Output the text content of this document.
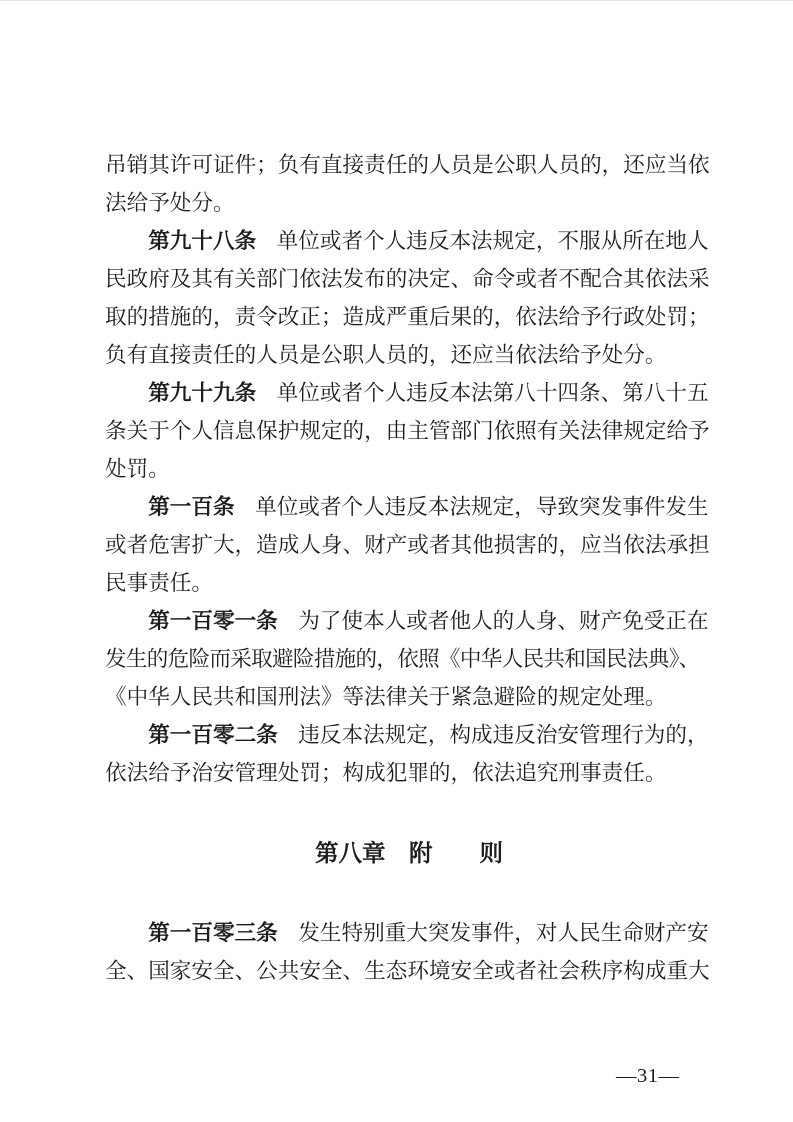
吊销其许可证件；负有直接责任的人员是公职人员的，还应当依
法给予处分。
第九十八条 单位或者个人违反本法规定，不服从所在地人
民政府及其有关部门依法发布的决定、命令或者不配合其依法采
取的措施的，责令改正；造成严重后果的，依法给予行政处罚；
负有直接责任的人员是公职人员的，还应当依法给予处分。
第九十九条 单位或者个人违反本法第八十四条、第八十五
条关于个人信息保护规定的，由主管部门依照有关法律规定给予
处罚。
第一百条 单位或者个人违反本法规定，导致突发事件发生
或者危害扩大，造成人身、财产或者其他损害的，应当依法承担
民事责任。
第一百零一条 为了使本人或者他人的人身、财产免受正在
发生的危险而采取避险措施的，依照《中华人民共和国民法典》、
《中华人民共和国刑法》等法律关于紧急避险的规定处理。
第一百零二条 违反本法规定，构成违反治安管理行为的，
依法给予治安管理处罚；构成犯罪的，依法追究刑事责任。
第八章　附　　则
第一百零三条 发生特别重大突发事件，对人民生命财产安
全、国家安全、公共安全、生态环境安全或者社会秩序构成重大
—31—
